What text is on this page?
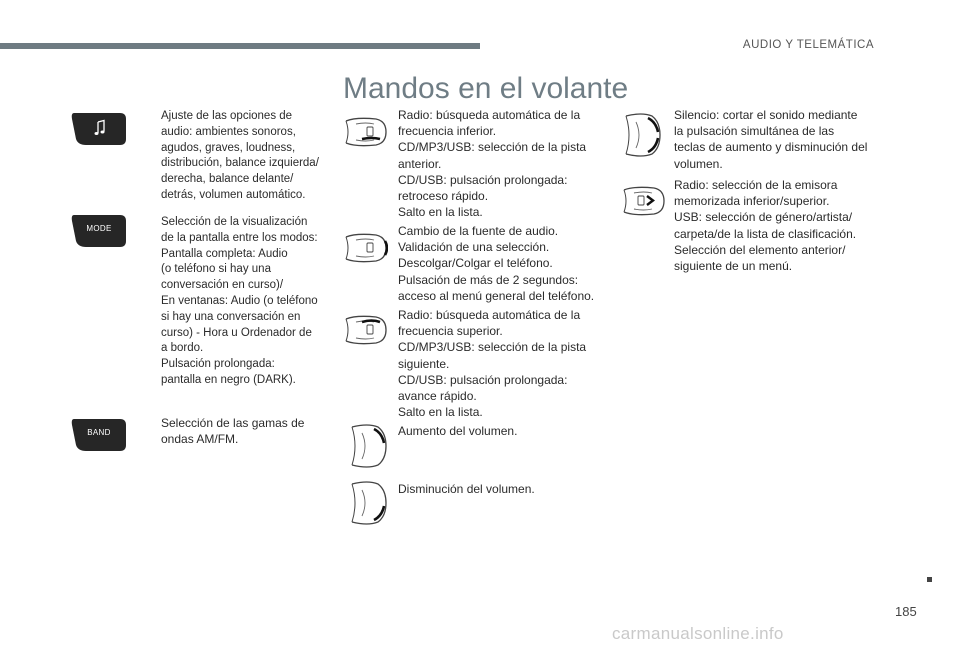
AUDIO Y TELEMÁTICA
Mandos en el volante
Ajuste de las opciones de
audio: ambientes sonoros,
agudos, graves, loudness,
distribución, balance izquierda/
derecha, balance delante/
detrás, volumen automático.
MODE
Selección de la visualización
de la pantalla entre los modos:
Pantalla completa: Audio
(o teléfono si hay una
conversación en curso)/
En ventanas: Audio (o teléfono
si hay una conversación en
curso) - Hora u Ordenador de
a bordo.
Pulsación prolongada:
pantalla en negro (DARK).
BAND
Selección de las gamas de
ondas AM/FM.
Radio: búsqueda automática de la
frecuencia inferior.
CD/MP3/USB: selección de la pista
anterior.
CD/USB: pulsación prolongada:
retroceso rápido.
Salto en la lista.
Cambio de la fuente de audio.
Validación de una selección.
Descolgar/Colgar el teléfono.
Pulsación de más de 2 segundos:
acceso al menú general del teléfono.
Radio: búsqueda automática de la
frecuencia superior.
CD/MP3/USB: selección de la pista
siguiente.
CD/USB: pulsación prolongada:
avance rápido.
Salto en la lista.
Aumento del volumen.
Disminución del volumen.
Silencio: cortar el sonido mediante
la pulsación simultánea de las
teclas de aumento y disminución del
volumen.
Radio: selección de la emisora
memorizada inferior/superior.
USB: selección de género/artista/
carpeta/de la lista de clasificación.
Selección del elemento anterior/
siguiente de un menú.
185
carmanualsonline.info
